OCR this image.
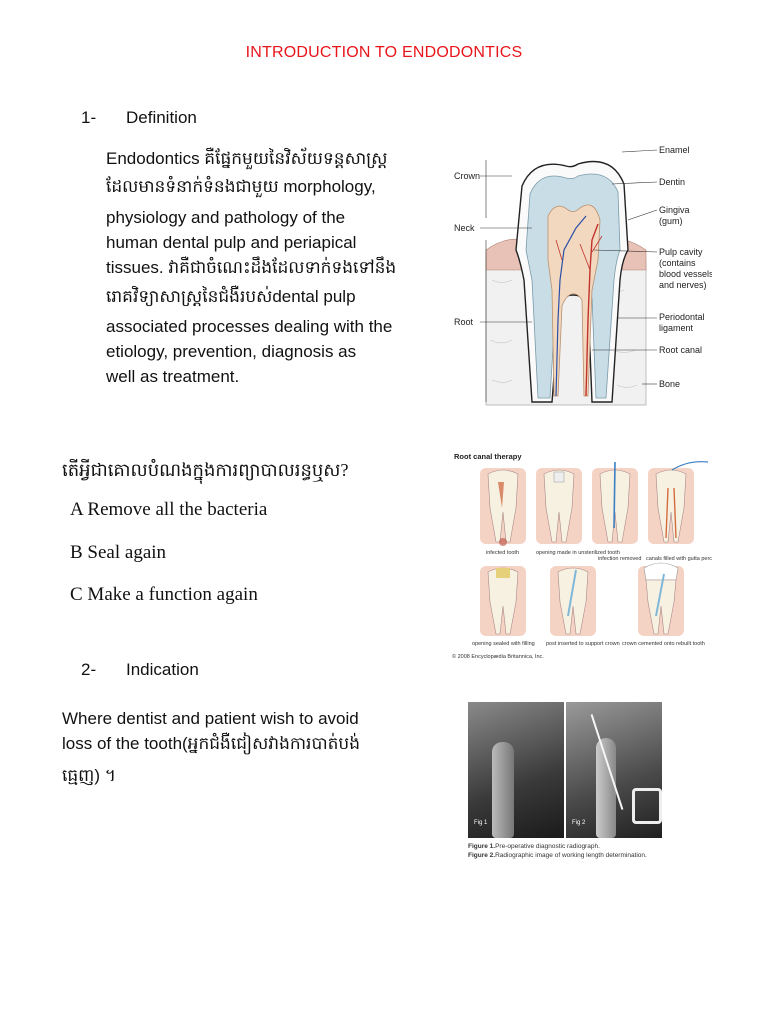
INTRODUCTION TO ENDODONTICS
1- Definition
Endodontics គឺផ្នែកមួយនៃវិស័យទន្តសាស្ត្រ
ដែលមានទំនាក់ទំនងជាមួយ morphology,
physiology and pathology of the
human dental pulp and periapical
tissues. វាគឺជាចំណេះដឹងដែលទាក់ទងទៅនឹង
រោគវិទ្យាសាស្ត្រនៃជំងឺរបស់dental pulp
associated processes dealing with the
etiology, prevention, diagnosis as
well as treatment.
Crown
Neck
Root
Enamel
Dentin
Gingiva
(gum)
Pulp cavity
(contains
blood vessels
and nerves)
Periodontal
ligament
Root canal
Bone
តើអ្វីជាគោលបំណងក្នុងការព្យាបាលរន្ធឬស?
A Remove all the bacteria
B Seal again
C Make a function again
Root canal therapy
infected tooth	opening made in unsterilized tooth
infection removed canals filled with gutta percha
opening sealed with filling post inserted to support crown crown cemented onto rebuilt tooth
© 2008 Encyclopædia Britannica, Inc.
2- Indication
Where dentist and patient wish to avoid
loss of the tooth(អ្នកជំងឺជៀសវាងការបាត់បង់
ធ្មេញ) ។
Fig 1	Fig 2
Figure 1.Pre-operative diagnostic radiograph.
Figure 2.Radiographic image of working length determination.
